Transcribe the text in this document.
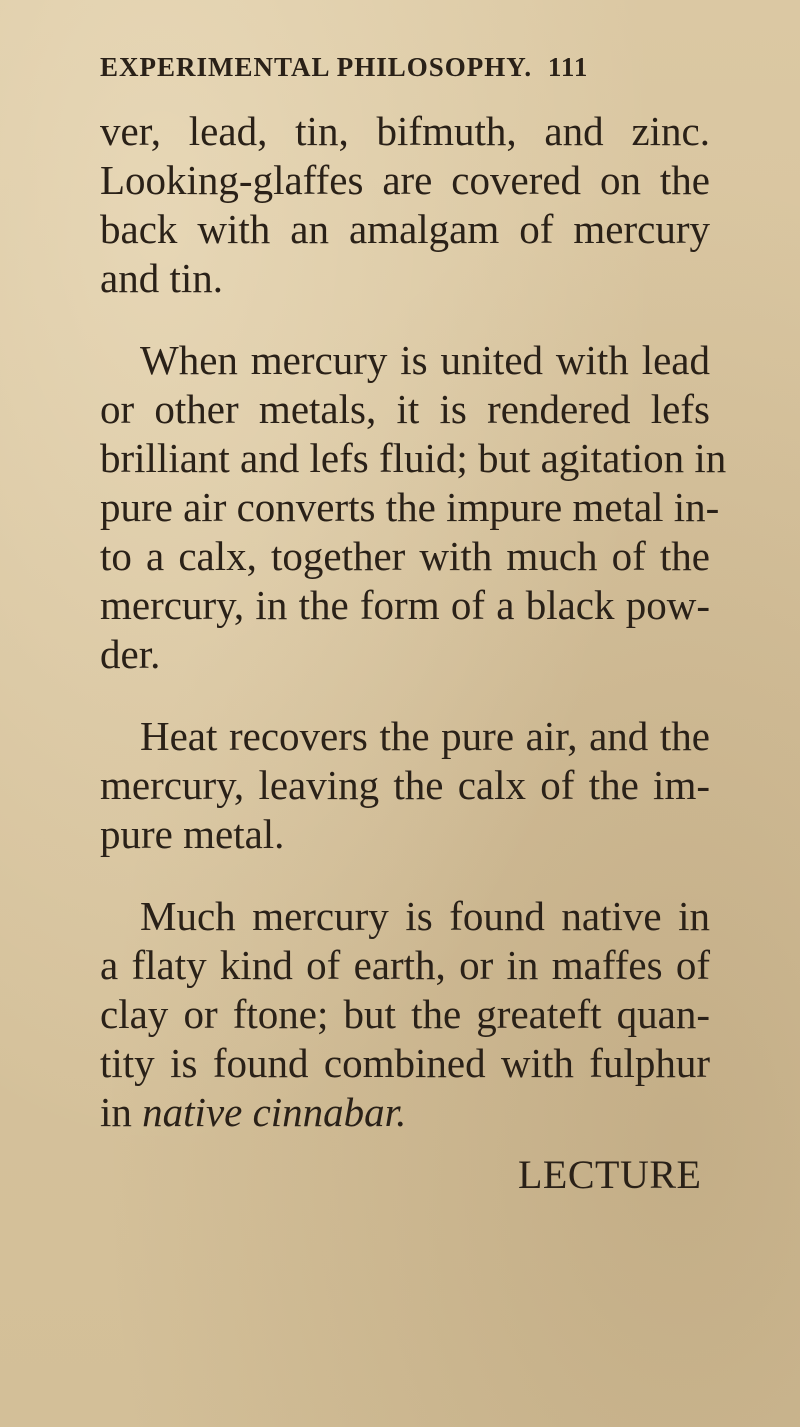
EXPERIMENTAL PHILOSOPHY. 111
ver, lead, tin, bifmuth, and zinc.
Looking-glaffes are covered on the
back with an amalgam of mercury
and tin.
When mercury is united with lead
or other metals, it is rendered lefs
brilliant and lefs fluid; but agitation in
pure air converts the impure metal in-
to a calx, together with much of the
mercury, in the form of a black pow-
der.
Heat recovers the pure air, and the
mercury, leaving the calx of the im-
pure metal.
Much mercury is found native in
a flaty kind of earth, or in maffes of
clay or ftone; but the greateft quan-
tity is found combined with fulphur
in native cinnabar.
LECTURE
